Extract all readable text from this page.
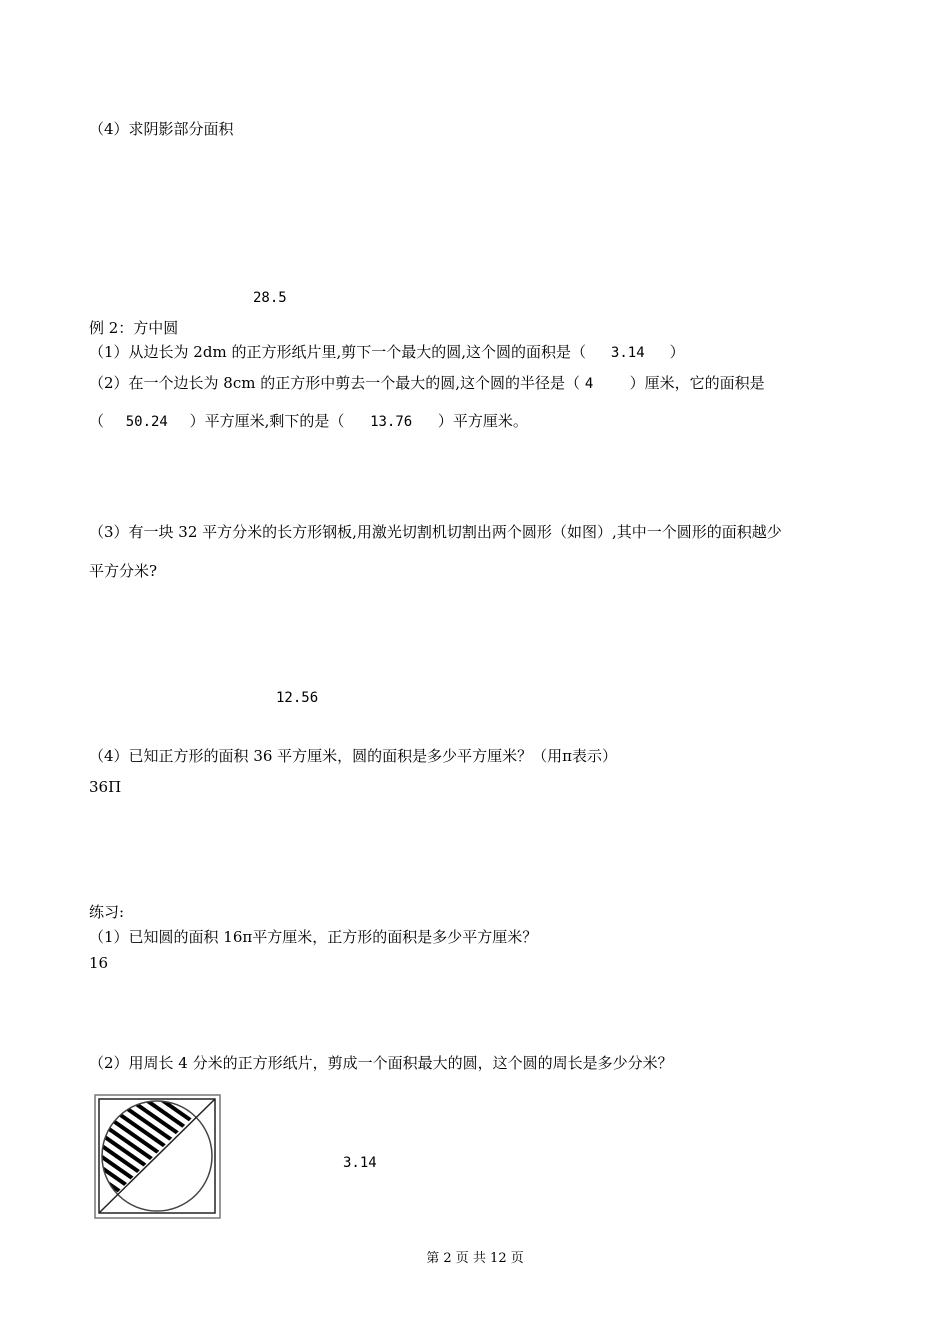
（4）求阴影部分面积
28.5
例 2：方中圆
（1）从边长为 2dm 的正方形纸片里,剪下一个最大的圆,这个圆的面积是（ 3.14 ）
（2）在一个边长为 8cm 的正方形中剪去一个最大的圆,这个圆的半径是（ 4 ）厘米，它的面积是
（ 50.24 ）平方厘米,剩下的是（ 13.76 ）平方厘米。
（3）有一块 32 平方分米的长方形钢板,用激光切割机切割出两个圆形（如图）,其中一个圆形的面积越少
平方分米?
12.56
（4）已知正方形的面积 36 平方厘米，圆的面积是多少平方厘米？（用π表示）
36Π
练习:
（1）已知圆的面积 16π平方厘米，正方形的面积是多少平方厘米？
16
（2）用周长 4 分米的正方形纸片，剪成一个面积最大的圆，这个圆的周长是多少分米？
3.14
第 2 页 共 12 页
